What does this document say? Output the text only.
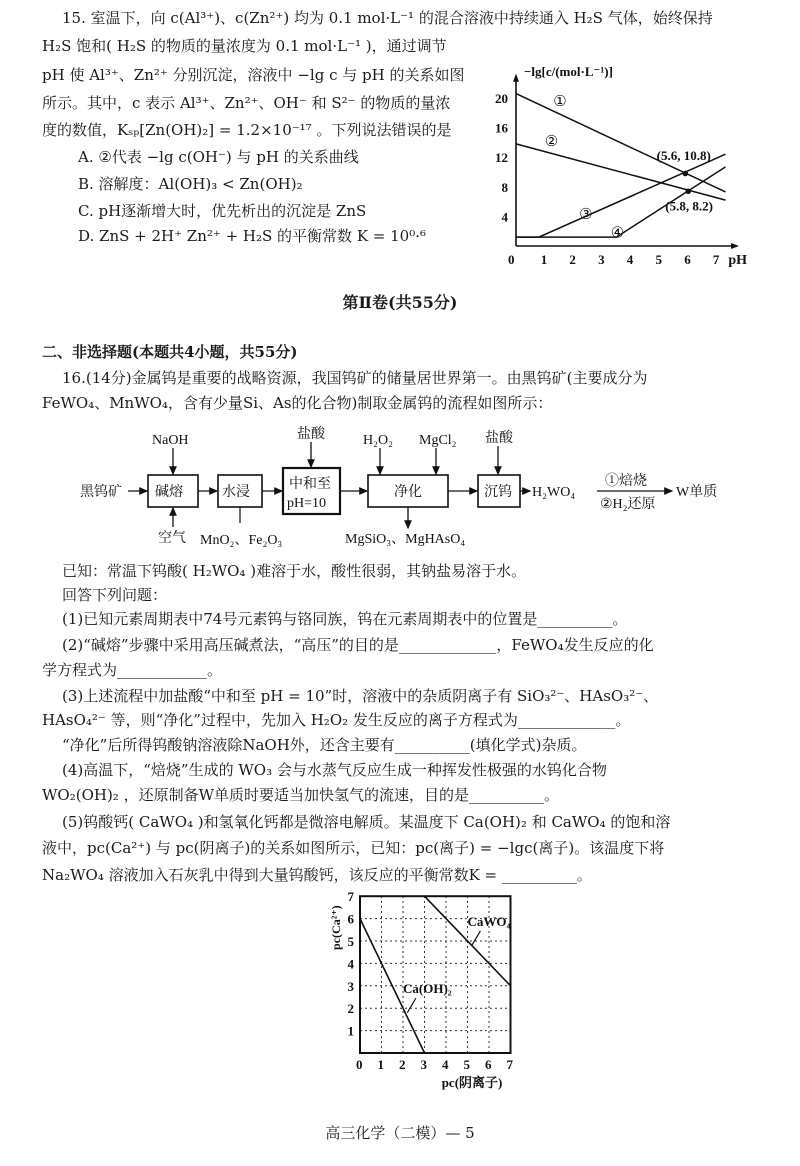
15. 室温下，向 c(Al³⁺)、c(Zn²⁺) 均为 0.1 mol·L⁻¹ 的混合溶液中持续通入 H₂S 气体，始终保持
H₂S 饱和( H₂S 的物质的量浓度为 0.1 mol·L⁻¹ )，通过调节
pH 使 Al³⁺、Zn²⁺ 分别沉淀，溶液中 −lg c 与 pH 的关系如图
所示。其中，c 表示 Al³⁺、Zn²⁺、OH⁻ 和 S²⁻ 的物质的量浓
度的数值，Kₛₚ[Zn(OH)₂] = 1.2×10⁻¹⁷ 。下列说法错误的是
A. ②代表 −lg c(OH⁻) 与 pH 的关系曲线
B. 溶解度：Al(OH)₃ < Zn(OH)₂
C. pH逐渐增大时，优先析出的沉淀是 ZnS
D. ZnS + 2H⁺ Zn²⁺ + H₂S 的平衡常数 K = 10⁰·⁶
−lg[c/(mol·L⁻¹)]
pH
0 1 2 3 4 5 6 7
4
8
12
16
20	①
②
③
④
(5.6, 10.8)
(5.8, 8.2)
第Ⅱ卷(共55分)
二、非选择题(本题共4小题，共55分)
16.(14分)金属钨是重要的战略资源，我国钨矿的储量居世界第一。由黑钨矿(主要成分为
FeWO₄、MnWO₄，含有少量Si、As的化合物)制取金属钨的流程如图所示：
黑钨矿 碱熔	水浸
中和至
pH=10
净化	沉钨
NaOH	盐酸	H₂O₂ MgCl₂ 盐酸
空气 MnO₂、Fe₂O₃	MgSiO₃、MgHAsO₄
H₂WO₄
①焙烧
②H₂还原
W单质
已知：常温下钨酸( H₂WO₄ )难溶于水，酸性很弱，其钠盐易溶于水。
回答下列问题：
(1)已知元素周期表中74号元素钨与铬同族，钨在元素周期表中的位置是__________。
(2)“碱熔”步骤中采用高压碱煮法，“高压”的目的是_____________，FeWO₄发生反应的化
学方程式为____________。
(3)上述流程中加盐酸“中和至 pH = 10”时，溶液中的杂质阴离子有 SiO₃²⁻、HAsO₃²⁻、
HAsO₄²⁻ 等，则“净化”过程中，先加入 H₂O₂ 发生反应的离子方程式为_____________。
“净化”后所得钨酸钠溶液除NaOH外，还含主要有__________(填化学式)杂质。
(4)高温下，“焙烧”生成的 WO₃ 会与水蒸气反应生成一种挥发性极强的水钨化合物
WO₂(OH)₂ ，还原制备W单质时要适当加快氢气的流速，目的是__________。
(5)钨酸钙( CaWO₄ )和氢氧化钙都是微溶电解质。某温度下 Ca(OH)₂ 和 CaWO₄ 的饱和溶
液中，pc(Ca²⁺) 与 pc(阴离子)的关系如图所示，已知：pc(离子) = −lgc(离子)。该温度下将
Na₂WO₄ 溶液加入石灰乳中得到大量钨酸钙，该反应的平衡常数K = __________。
0 1 2 3 4 5 6 7
1
2
3
4
5
6
7
pc(阴离子)
pc(Ca²⁺)
Ca(OH)₂
CaWO₄
高三化学（二模）— 5
